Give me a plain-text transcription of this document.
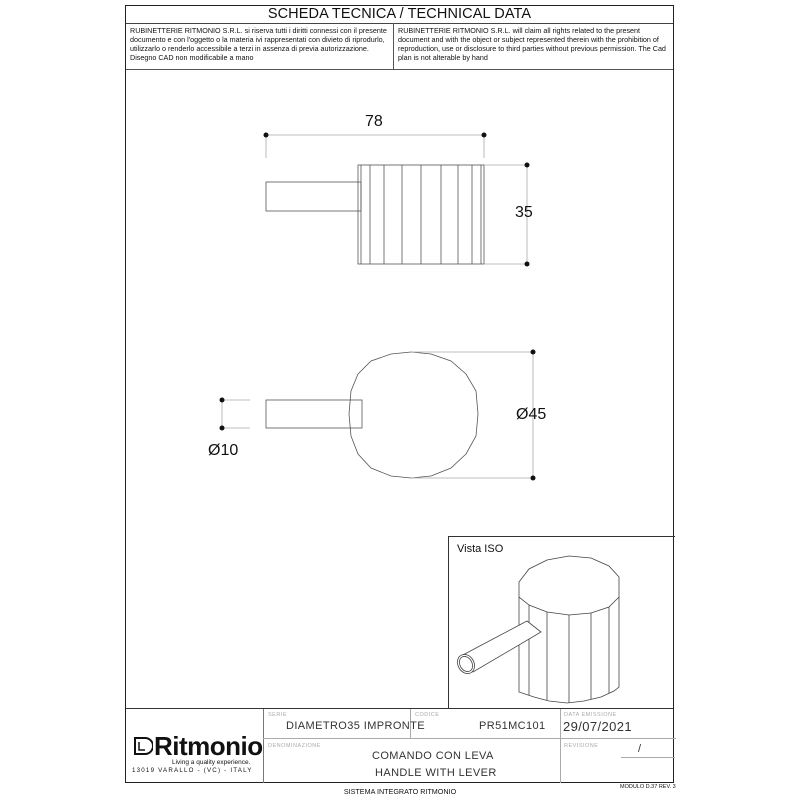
SCHEDA TECNICA / TECHNICAL DATA
RUBINETTERIE RITMONIO S.R.L. si riserva tutti i diritti connessi con il presente documento e con l'oggetto o la materia ivi rappresentati con divieto di riprodurlo, utilizzarlo o renderlo accessibile a terzi in assenza di previa autorizzazione. Disegno CAD non modificabile a mano
RUBINETTERIE RITMONIO S.R.L. will claim all rights related to the present document and with the object or subject represented therein with the prohibition of reproduction, use or disclosure to third parties without previous permission. The Cad plan is not alterable by hand
78
35
Ø10
Ø45
Vista ISO
Ritmonio
Living a quality experience.
13019 VARALLO - (VC) - ITALY
SERIE
DIAMETRO35 IMPRONTE
CODICE
PR51MC101
DATA EMISSIONE
29/07/2021
DENOMINAZIONE
COMANDO CON LEVA
HANDLE WITH LEVER
REVISIONE	/
SISTEMA INTEGRATO RITMONIO	MODULO D.37 REV. 3
